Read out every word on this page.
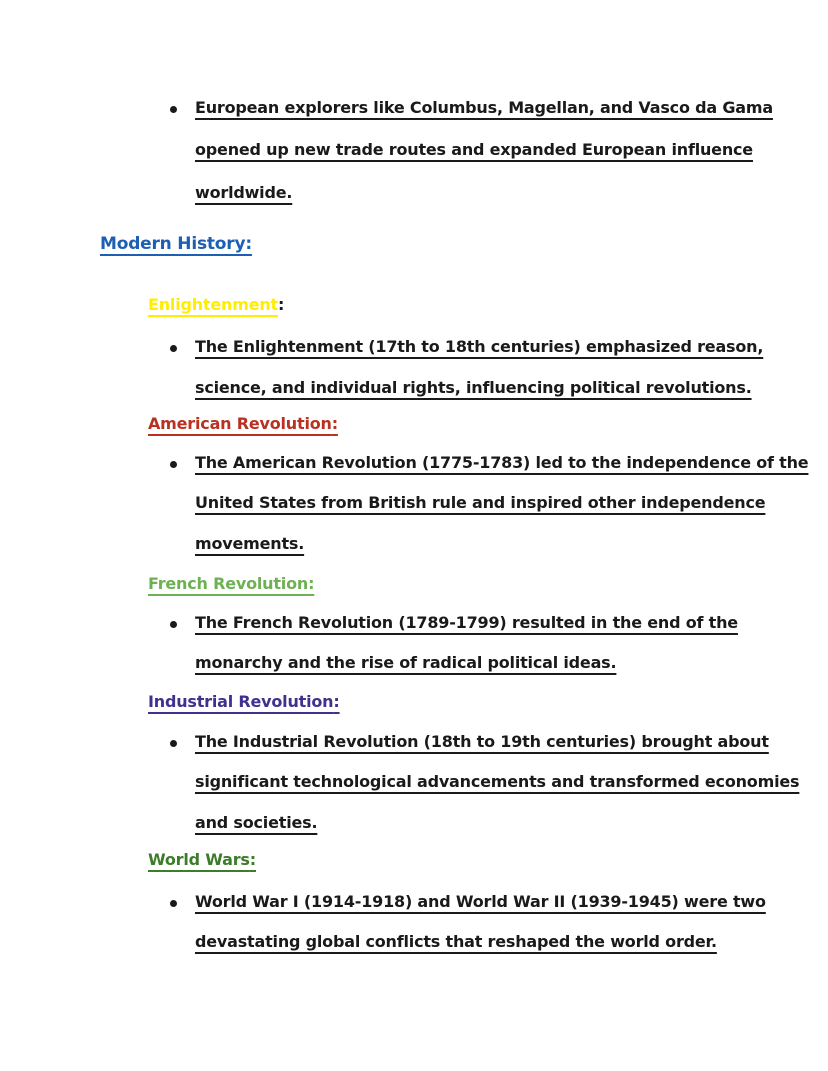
European explorers like Columbus, Magellan, and Vasco da Gama
opened up new trade routes and expanded European influence
worldwide.
Modern History:
Enlightenment:
The Enlightenment (17th to 18th centuries) emphasized reason,
science, and individual rights, influencing political revolutions.
American Revolution:
The American Revolution (1775-1783) led to the independence of the
United States from British rule and inspired other independence
movements.
French Revolution:
The French Revolution (1789-1799) resulted in the end of the
monarchy and the rise of radical political ideas.
Industrial Revolution:
The Industrial Revolution (18th to 19th centuries) brought about
significant technological advancements and transformed economies
and societies.
World Wars:
World War I (1914-1918) and World War II (1939-1945) were two
devastating global conflicts that reshaped the world order.
